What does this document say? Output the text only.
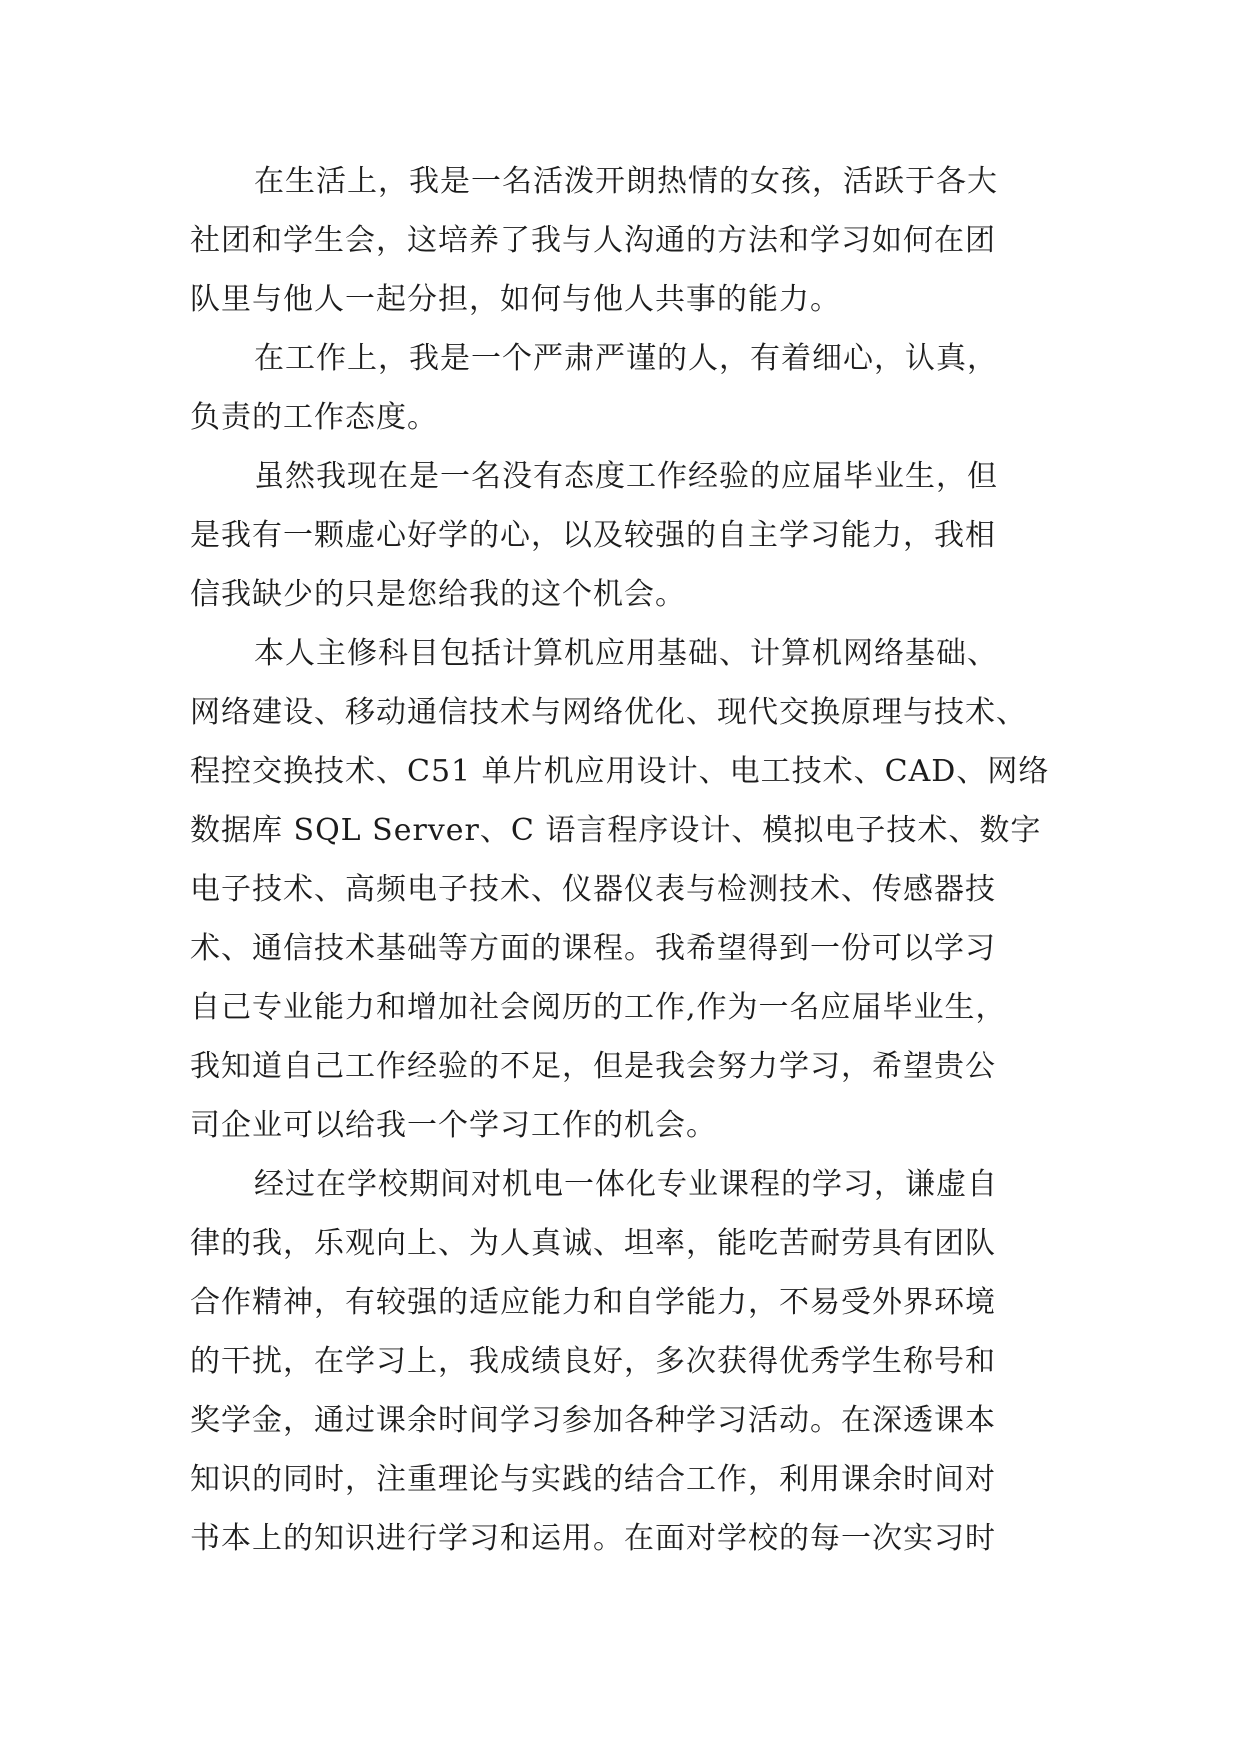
在生活上，我是一名活泼开朗热情的女孩，活跃于各大
社团和学生会，这培养了我与人沟通的方法和学习如何在团
队里与他人一起分担，如何与他人共事的能力。
在工作上，我是一个严肃严谨的人，有着细心，认真，
负责的工作态度。
虽然我现在是一名没有态度工作经验的应届毕业生，但
是我有一颗虚心好学的心，以及较强的自主学习能力，我相
信我缺少的只是您给我的这个机会。
本人主修科目包括计算机应用基础、计算机网络基础、
网络建设、移动通信技术与网络优化、现代交换原理与技术、
程控交换技术、C51 单片机应用设计、电工技术、CAD、网络
数据库 SQL Server、C 语言程序设计、模拟电子技术、数字
电子技术、高频电子技术、仪器仪表与检测技术、传感器技
术、通信技术基础等方面的课程。我希望得到一份可以学习
自己专业能力和增加社会阅历的工作,作为一名应届毕业生，
我知道自己工作经验的不足，但是我会努力学习，希望贵公
司企业可以给我一个学习工作的机会。
经过在学校期间对机电一体化专业课程的学习，谦虚自
律的我，乐观向上、为人真诚、坦率，能吃苦耐劳具有团队
合作精神，有较强的适应能力和自学能力，不易受外界环境
的干扰，在学习上，我成绩良好，多次获得优秀学生称号和
奖学金，通过课余时间学习参加各种学习活动。在深透课本
知识的同时，注重理论与实践的结合工作，利用课余时间对
书本上的知识进行学习和运用。在面对学校的每一次实习时
